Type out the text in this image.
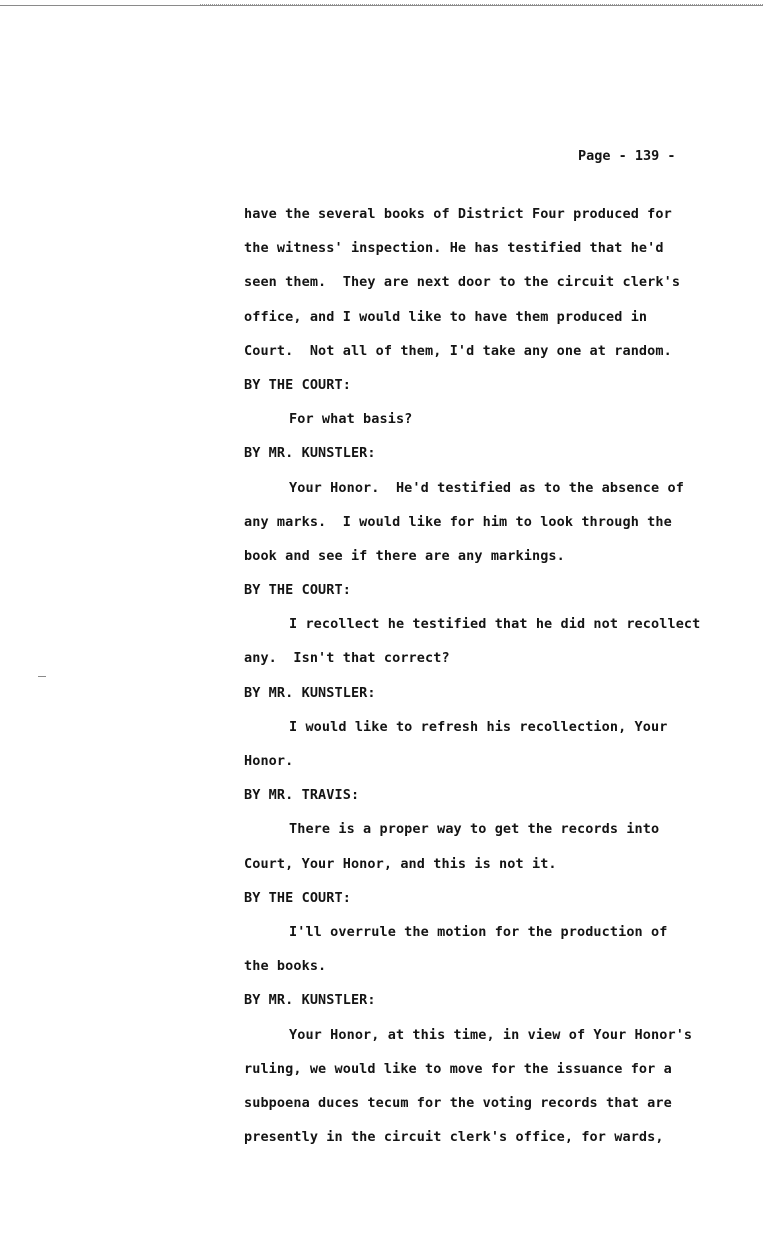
Page - 139 -
have the several books of District Four produced for
the witness' inspection. He has testified that he'd
seen them.  They are next door to the circuit clerk's
office, and I would like to have them produced in
Court.  Not all of them, I'd take any one at random.
BY THE COURT:
For what basis?
BY MR. KUNSTLER:
Your Honor.  He'd testified as to the absence of
any marks.  I would like for him to look through the
book and see if there are any markings.
BY THE COURT:
I recollect he testified that he did not recollect
any.  Isn't that correct?
BY MR. KUNSTLER:
I would like to refresh his recollection, Your
Honor.
BY MR. TRAVIS:
There is a proper way to get the records into
Court, Your Honor, and this is not it.
BY THE COURT:
I'll overrule the motion for the production of
the books.
BY MR. KUNSTLER:
Your Honor, at this time, in view of Your Honor's
ruling, we would like to move for the issuance for a
subpoena duces tecum for the voting records that are
presently in the circuit clerk's office, for wards,
